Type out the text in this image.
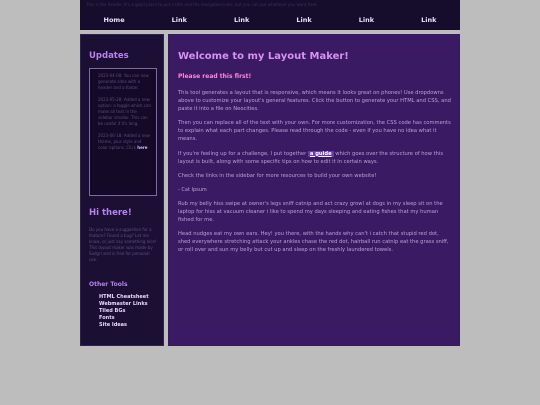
This is the header. It's a good place to put a title and the navigation links, but you can put whatever you want here.
Home	Link	Link	Link	Link	Link
Updates

2023-04-08: You can now generate sites with a header and a footer.

2023-05-28: Added a new option: a toggle which can make all text in the sidebar smaller. This can be useful if it's long.

2023-06-18: Added a new theme, plus style and color options. Click here

Hi there!
Do you have a suggestion for a feature? Found a bug? Let me know, or just say something nice! This layout maker was made by Sadgrl and is free for personal use.
Other Tools
HTML Cheatsheet
Webmaster Links
Tiled BGs
Fonts
Site Ideas
Welcome to my Layout Maker!
Please read this first!

This tool generates a layout that is responsive, which means it looks great on phones! Use dropdowns above to customize your layout's general features. Click the button to generate your HTML and CSS, and paste it into a file on Neocities.

Then you can replace all of the text with your own. For more customization, the CSS code has comments to explain what each part changes. Please read through the code - even if you have no idea what it means.

If you're feeling up for a challenge, I put together a guide which goes over the structure of how this layout is built, along with some specific tips on how to edit it in certain ways.

Check the links in the sidebar for more resources to build your own website!

- Cat Ipsum

Rub my belly hiss swipe at owner's legs sniff catnip and act crazy growl at dogs in my sleep sit on the laptop for hiss at vacuum cleaner i like to spend my days sleeping and eating fishes that my human fished for me.

Head nudges eat my own ears. Hey! you there, with the hands why can't i catch that stupid red dot, shed everywhere stretching attack your ankles chase the red dot, hairball run catnip eat the grass sniff, or roll over and sun my belly but cut up and sleep on the freshly laundered towels.
